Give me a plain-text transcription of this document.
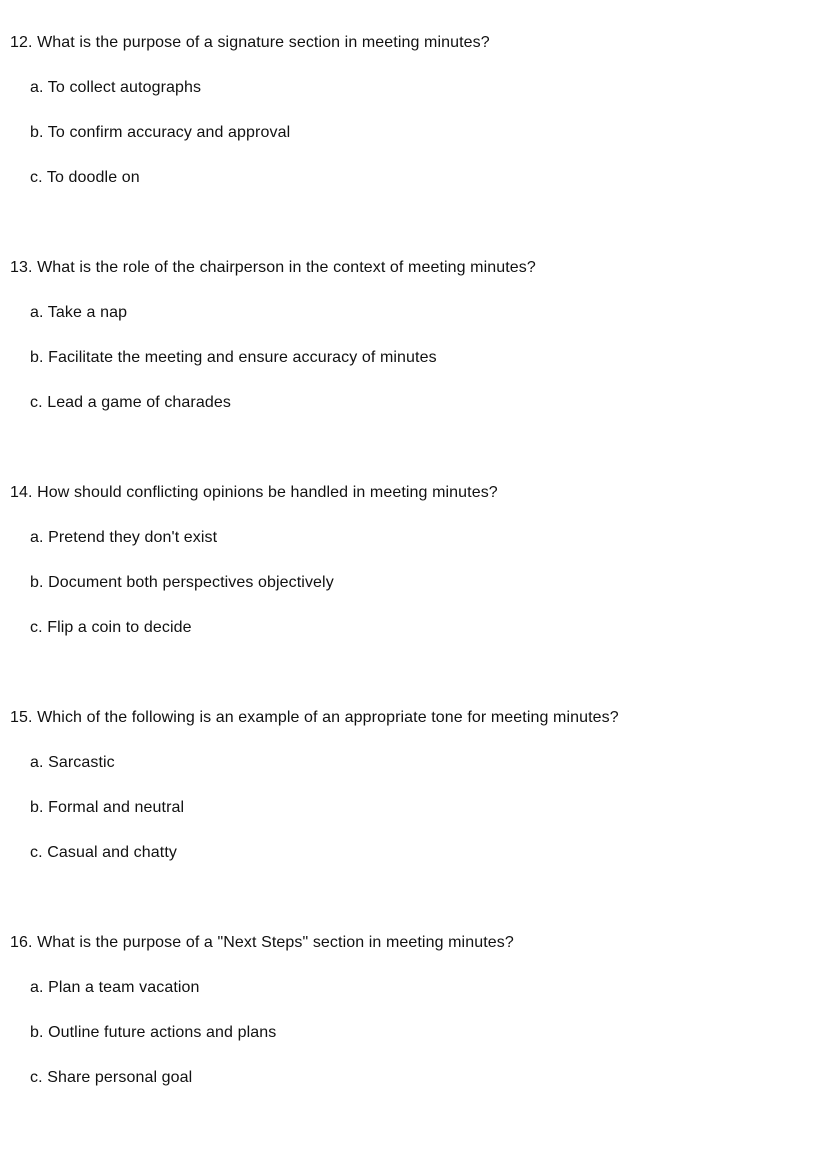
12. What is the purpose of a signature section in meeting minutes?
a. To collect autographs
b. To confirm accuracy and approval
c. To doodle on
13. What is the role of the chairperson in the context of meeting minutes?
a. Take a nap
b. Facilitate the meeting and ensure accuracy of minutes
c. Lead a game of charades
14. How should conflicting opinions be handled in meeting minutes?
a. Pretend they don't exist
b. Document both perspectives objectively
c. Flip a coin to decide
15. Which of the following is an example of an appropriate tone for meeting minutes?
a. Sarcastic
b. Formal and neutral
c. Casual and chatty
16. What is the purpose of a "Next Steps" section in meeting minutes?
a. Plan a team vacation
b. Outline future actions and plans
c. Share personal goal
